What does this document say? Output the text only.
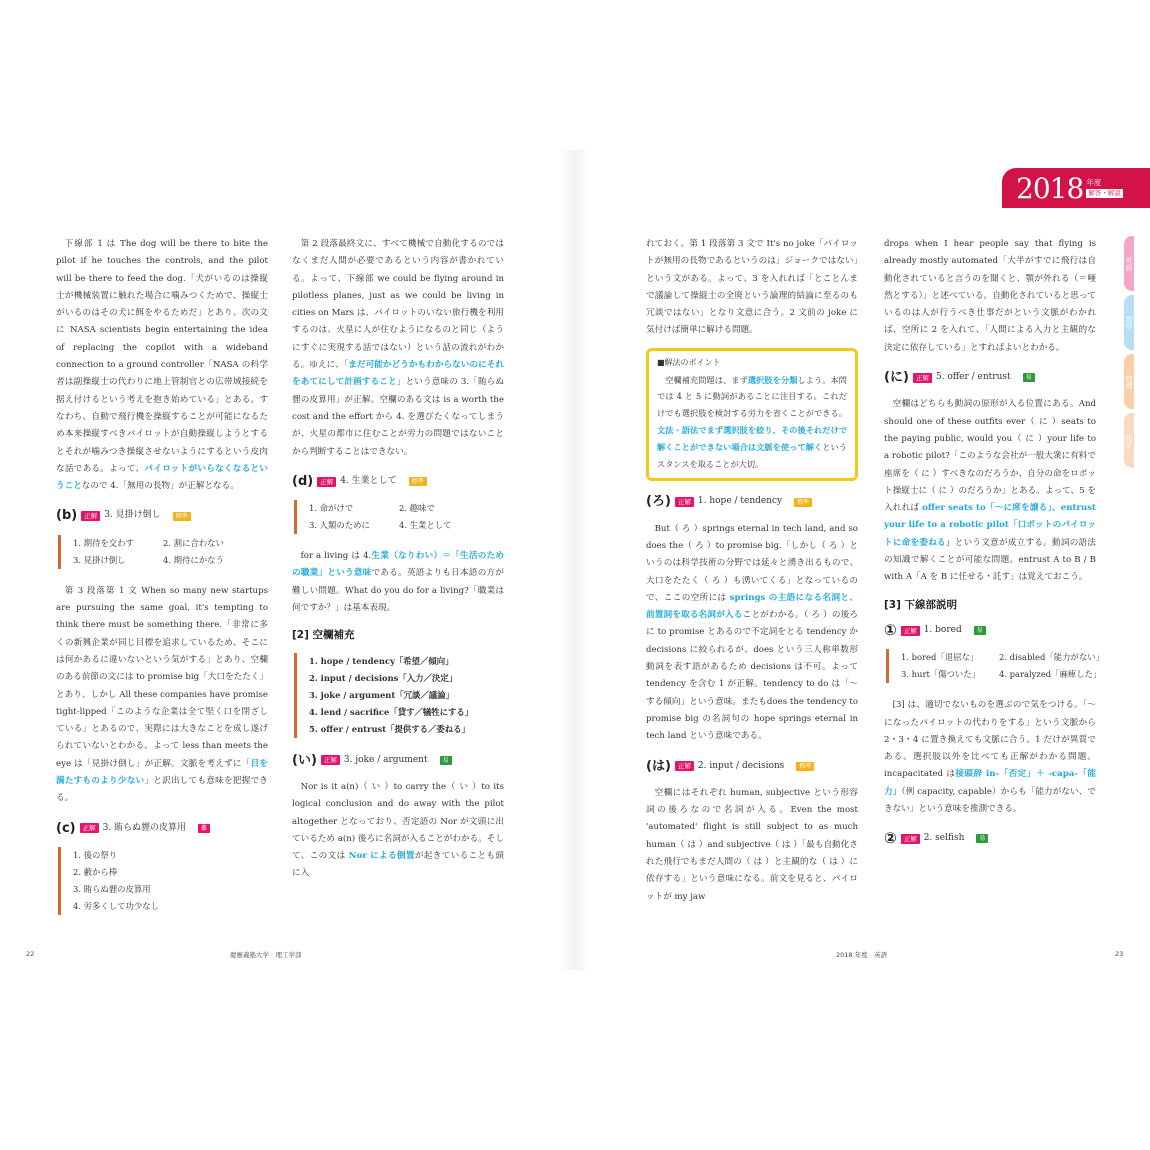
下線部 1 は The dog will be there to bite the pilot if he touches the controls, and the pilot will be there to feed the dog.「犬がいるのは操縦士が機械装置に触れた場合に噛みつくためで、操縦士がいるのはその犬に餌をやるためだ」とあり、次の文に NASA scientists begin entertaining the idea of replacing the copilot with a wideband connection to a ground controller「NASA の科学者は副操縦士の代わりに地上管制官との広帯域接続を据え付けるという考えを抱き始めている」とある。すなわち、自動で飛行機を操縦することが可能になるため本来操縦すべきパイロットが自動操縦しようとするとそれが噛みつき操縦させないようにするという皮肉な話である。よって、パイロットがいらなくなるということなので 4.「無用の長物」が正解となる。

(b)	正解 3. 見掛け倒し	標準
1. 期待を交わす	2. 割に合わない
3. 見掛け倒し	4. 期待にかなう

第 3 段落第 1 文 When so many new startups are pursuing the same goal, it's tempting to think there must be something there.「非常に多くの新興企業が同じ目標を追求しているため、そこには何かあるに違いないという気がする」とあり、空欄のある前節の文には to promise big「大口をたたく」とあり、しかし All these companies have promise tight-lipped「このような企業は全て堅く口を閉ざしている」とあるので、実際には大きなことを成し遂げられていないとわかる。よって less than meets the eye は「見掛け倒し」が正解。文脈を考えずに「目を満たすものより少ない」と訳出しても意味を把握できる。

(c)	正解 3. 賄らぬ貍の皮算用	難
1. 後の祭り
2. 藪から棒
3. 賄らぬ貍の皮算用
4. 労多くして功少なし

第 2 段落最終文に、すべて機械で自動化するのではなくまだ人間が必要であるという内容が書かれている。よって、下線部 we could be flying around in pilotless planes, just as we could be living in cities on Mars は、パイロットのいない旅行機を利用するのは、火星に人が住むようになるのと同じ（ようにすぐに実現する話ではない）という話の流れがわかる。ゆえに、「まだ可能かどうかもわからないのにそれをあてにして計画すること」という意味の 3.「賄らぬ貍の皮算用」が正解。空欄のある文は is a worth the cost and the effort から 4. を選びたくなってしまうが、火星の都市に住むことが労力の問題ではないことから判断することはできない。

(d)	正解 4. 生業として	標準
1. 命がけで	2. 趣味で
3. 人類のために	4. 生業として

for a living は 4.生業（なりわい）＝「生活のための職業」という意味である。英語よりも日本語の方が難しい問題。What do you do for a living?「職業は何ですか？」は基本表現。

[2] 空欄補充
1. hope / tendency「希望／傾向」
2. input / decisions「入力／決定」
3. joke / argument「冗談／議論」
4. lend / sacrifice「貸す／犠牲にする」
5. offer / entrust「提供する／委ねる」
(い)	正解 3. joke / argument	易

Nor is it a(n)（ い ）to carry the（ い ）to its logical conclusion and do away with the pilot altogether となっており、否定語の Nor が文頭に出ているため a(n) 後ろに名詞が入ることがわかる。そして、この文は Nor による倒置が起きていることも頭に入

れておく。第 1 段落第 3 文で It's no joke「パイロットが無用の長物であるというのは」ジョークではない」という文がある。よって、3 を入れれば「とことんまで議論して操縦士の全廃という論理的結論に至るのも冗談ではない」となり文意に合う。2 文前の joke に気付けば簡単に解ける問題。

■解法のポイント

空欄補充問題は、まず選択肢を分類しよう。本問では 4 と 5 に動詞があることに注目する。これだけでも選択肢を検討する労力を省くことができる。文法・語法でまず選択肢を絞り、その後それだけで解くことができない場合は文脈を使って解くというスタンスを取ることが大切。

(ろ)	正解 1. hope / tendency	標準

But（ ろ ）springs eternal in tech land, and so does the（ ろ ）to promise big.「しかし（ ろ ）というのは科学技術の分野では延々と湧き出るもので、大口をたたく（ ろ ）も湧いてくる」となっているので、ここの空所には springs の主語になる名詞と、前置詞を取る名詞が入ることがわかる。（ ろ ）の後ろに to promise とあるので不定詞をとる tendency か decisions に絞られるが、does という三人称単数形動詞を表す語があるため decisions は不可。よって tendency を含む 1 が正解。tendency to do は「～する傾向」という意味。またもdoes the tendency to promise big の名詞句の hope springs eternal in tech land という意味である。

(は)	正解 2. input / decisions	標準

空欄にはそれぞれ human, subjective という形容詞の後ろなので名詞が入る。Even the most 'automated' flight is still subject to as much human（ は ）and subjective（ は ）「最も自動化された飛行でもまだ人間の（ は ）と主観的な（ は ）に依存する」という意味になる。前文を見ると、パイロットが my jaw

drops when I hear people say that flying is already mostly automated「大半がすでに飛行は自動化されていると言うのを聞くと、顎が外れる（＝唖然とする）」と述べている。自動化されていると思っているのは人が行うべき仕事だがという文脈がわかれば、空所に 2 を入れて、「人間による入力と主観的な決定に依存している」とすればよいとわかる。

(に)	正解 5. offer / entrust	易

空欄はどちらも動詞の原形が入る位置にある。And should one of these outfits ever（ に ）seats to the paying public, would you（ に ）your life to a robotic pilot?「このような会社が一般大衆に有料で座席を（ に ）すべきなのだろうか、自分の命をロボット操縦士に（ に ）のだろうか」とある。よって、5 を入れれば offer seats to「～に席を譲る」、entrust your life to a robotic pilot「口ボットのパイロットに命を委ねる」という文意が成立する。動詞の語法の知識で解くことが可能な問題。entrust A to B / B with A「A を B に任せる・託す」は覚えておこう。

[3] 下線部説明
①	正解 1. bored	易
1. bored「退屈な」	2. disabled「能力がない」
3. hurt「傷ついた」	4. paralyzed「麻痺した」

[3] は、適切でないものを選ぶので気をつける。「～になったパイロットの代わりをする」という文脈から 2・3・4 に置き換えても文脈に合う。1 だけが異質である。選択肢以外を比べても正解がわかる問題。incapacitated は接頭辞 in-「否定」＋ -capa-「能力」（例 capacity, capable）からも「能力がない、できない」という意味を推測できる。

②	正解 2. selfish	易
2018 年度
解答・解説
英語
数学
物理
化学
22	慶應義塾大学　理工学部	2018 年度　英語	23
